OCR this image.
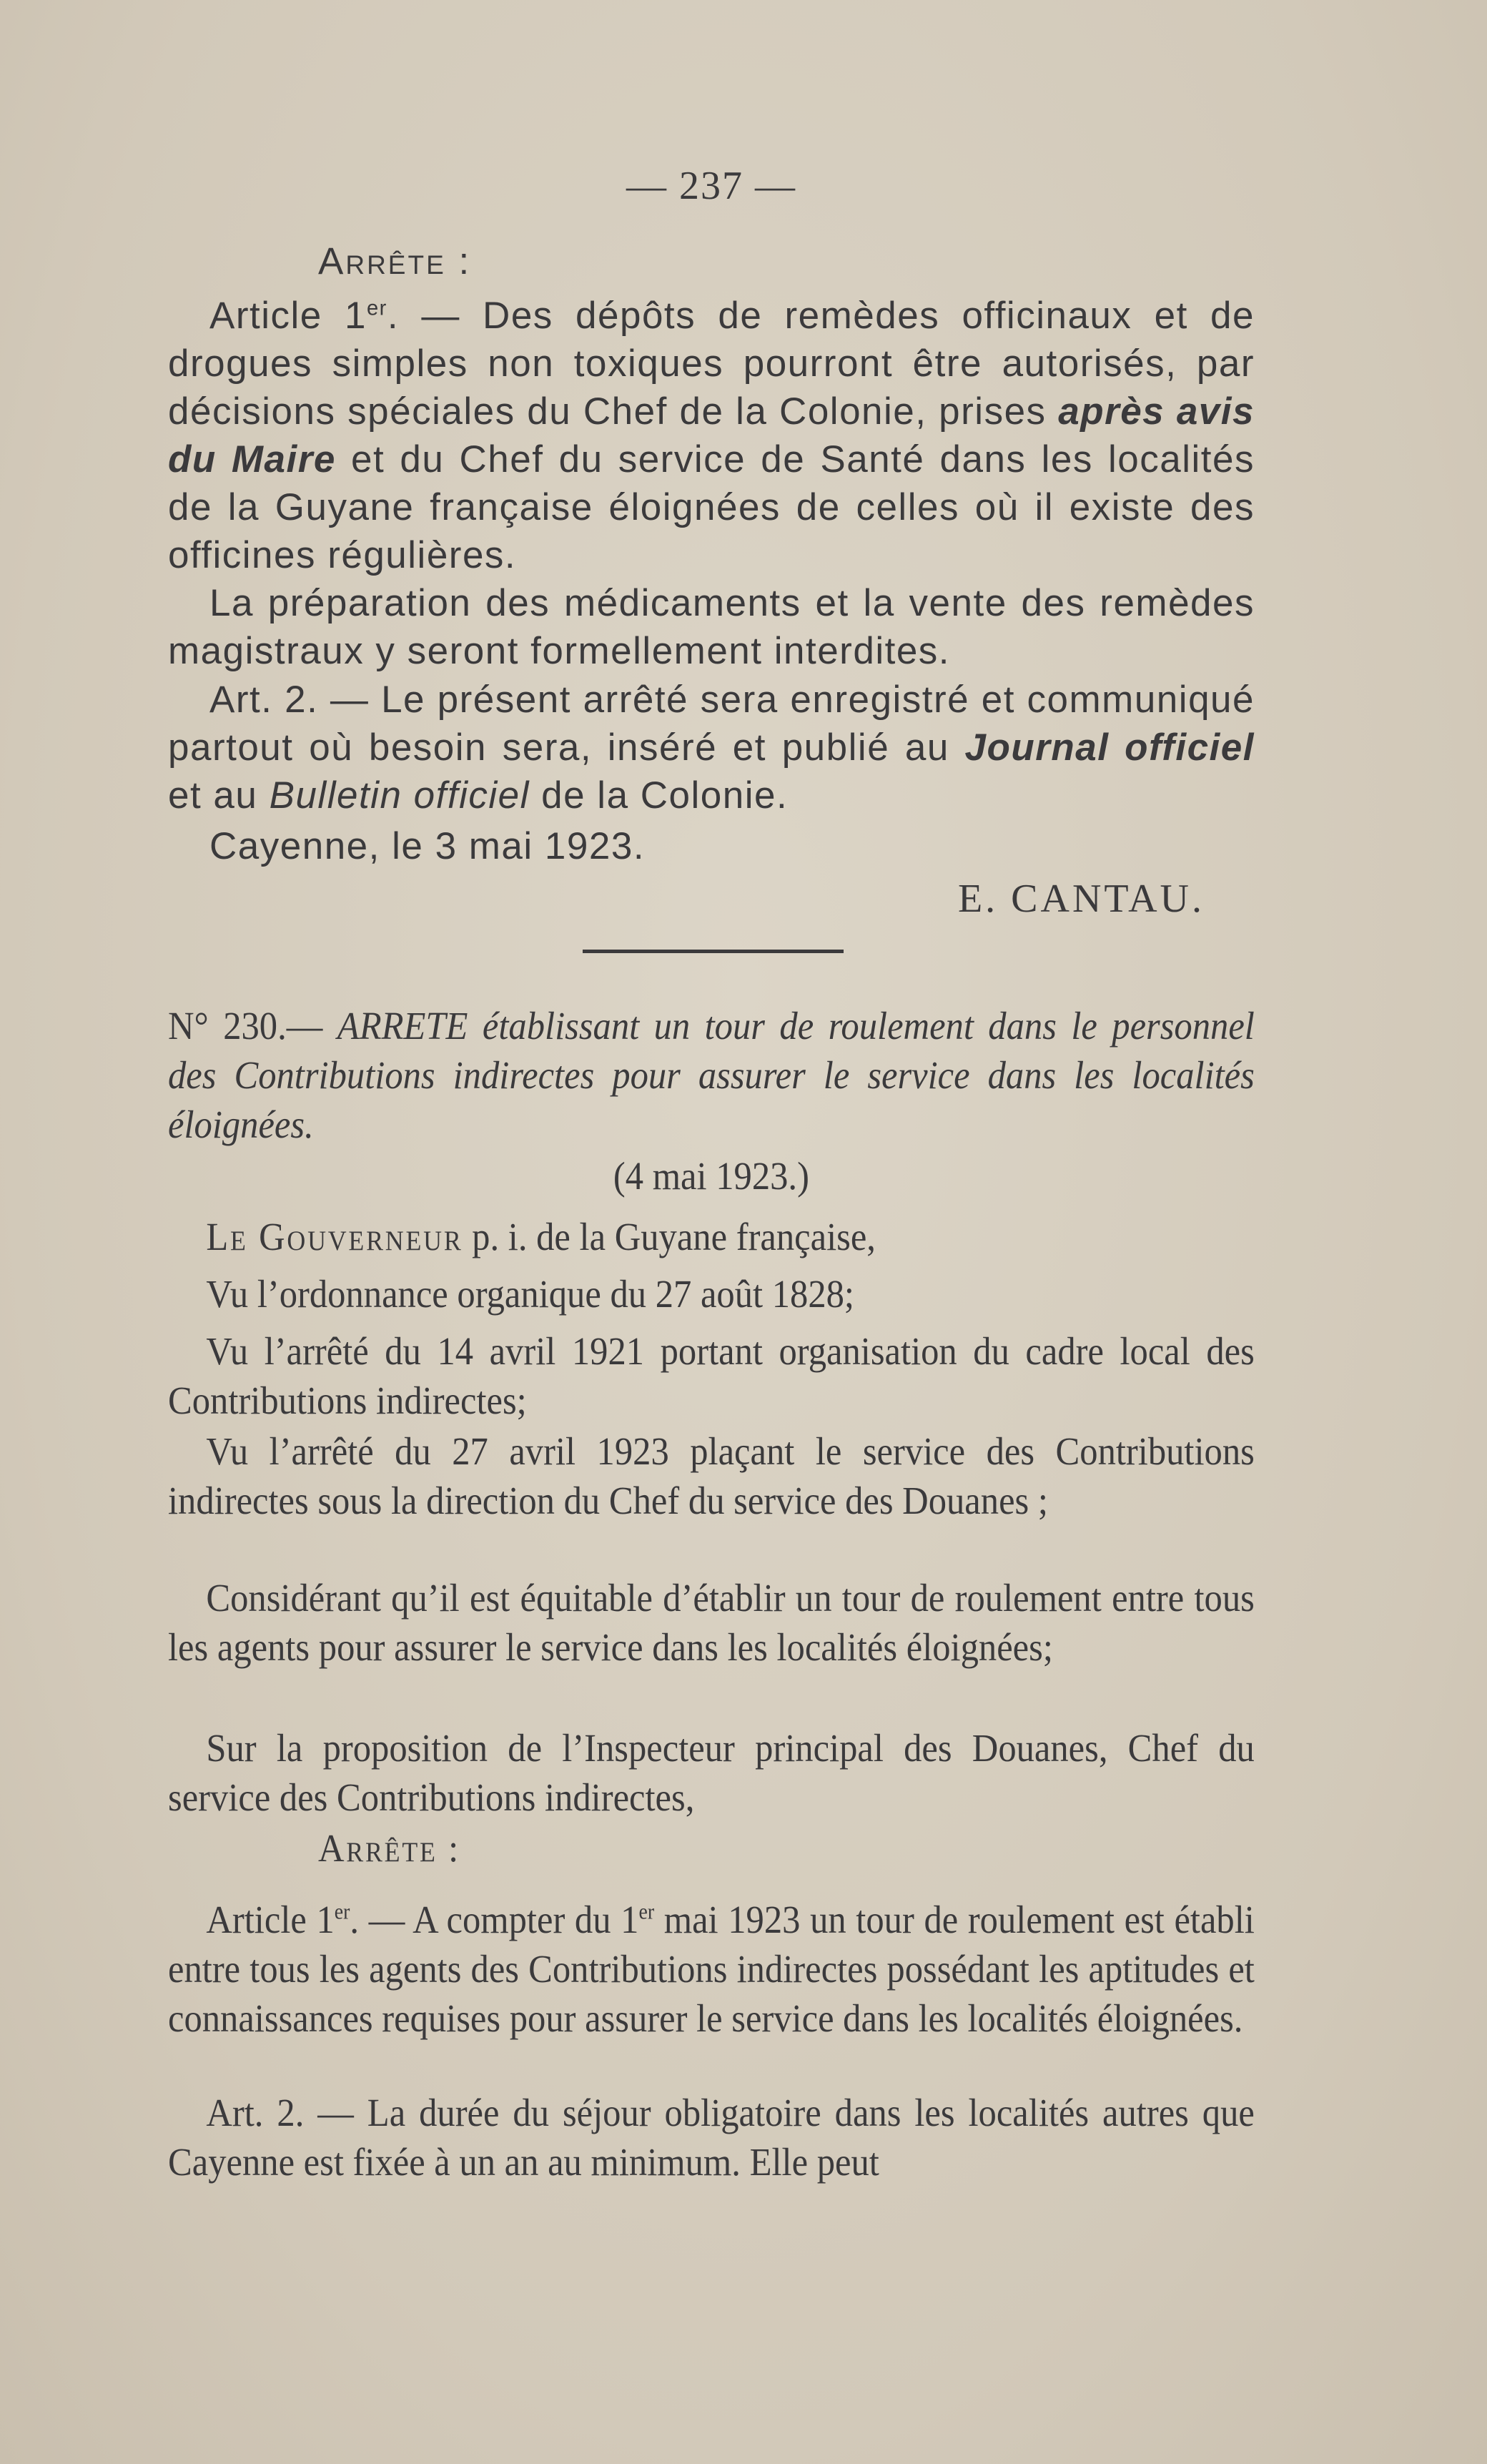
— 237 —
Arrête :
Article 1er. — Des dépôts de remèdes officinaux et de drogues simples non toxiques pourront être autorisés, par décisions spéciales du Chef de la Colonie, prises après avis du Maire et du Chef du service de Santé dans les localités de la Guyane française éloignées de celles où il existe des officines régulières.
La préparation des médicaments et la vente des remèdes magistraux y seront formellement interdites.
Art. 2. — Le présent arrêté sera enregistré et communiqué partout où besoin sera, inséré et publié au Journal officiel et au Bulletin officiel de la Colonie.
Cayenne, le 3 mai 1923.
E. CANTAU.
N° 230.— ARRETE établissant un tour de roulement dans le personnel des Contributions indirectes pour assurer le service dans les localités éloignées.
(4 mai 1923.)
Le Gouverneur p. i. de la Guyane française,
Vu l’ordonnance organique du 27 août 1828;
Vu l’arrêté du 14 avril 1921 portant organisation du cadre local des Contributions indirectes;
Vu l’arrêté du 27 avril 1923 plaçant le service des Contributions indirectes sous la direction du Chef du service des Douanes ;
Considérant qu’il est équitable d’établir un tour de roulement entre tous les agents pour assurer le service dans les localités éloignées;
Sur la proposition de l’Inspecteur principal des Douanes, Chef du service des Contributions indirectes,
Arrête :
Article 1er. — A compter du 1er mai 1923 un tour de roulement est établi entre tous les agents des Contributions indirectes possédant les aptitudes et connaissances requises pour assurer le service dans les localités éloignées.
Art. 2. — La durée du séjour obligatoire dans les localités autres que Cayenne est fixée à un an au minimum. Elle peut
